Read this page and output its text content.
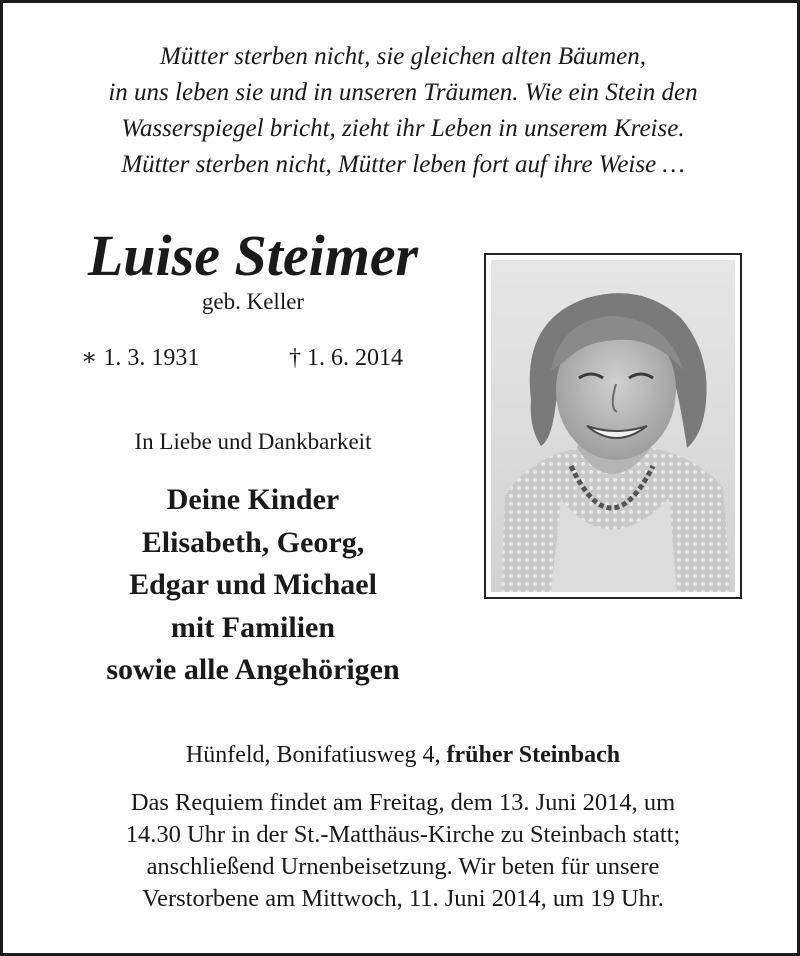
Mütter sterben nicht, sie gleichen alten Bäumen,
in uns leben sie und in unseren Träumen. Wie ein Stein den
Wasserspiegel bricht, zieht ihr Leben in unserem Kreise.
Mütter sterben nicht, Mütter leben fort auf ihre Weise …
Luise Steimer
geb. Keller
∗ 1. 3. 1931	† 1. 6. 2014
In Liebe und Dankbarkeit
Deine Kinder
Elisabeth, Georg,
Edgar und Michael
mit Familien
sowie alle Angehörigen
Hünfeld, Bonifatiusweg 4, früher Steinbach
Das Requiem findet am Freitag, dem 13. Juni 2014, um
14.30 Uhr in der St.-Matthäus-Kirche zu Steinbach statt;
anschließend Urnenbeisetzung. Wir beten für unsere
Verstorbene am Mittwoch, 11. Juni 2014, um 19 Uhr.
